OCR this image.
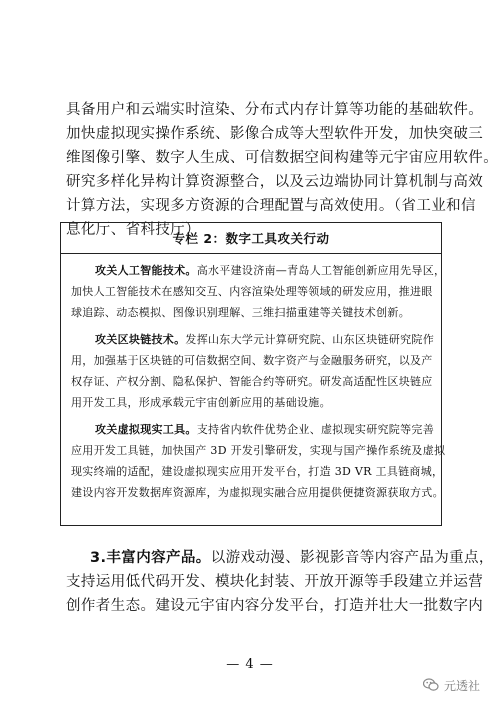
具备用户和云端实时渲染、分布式内存计算等功能的基础软件。
加快虚拟现实操作系统、影像合成等大型软件开发，加快突破三
维图像引擎、数字人生成、可信数据空间构建等元宇宙应用软件。
研究多样化异构计算资源整合，以及云边端协同计算机制与高效
计算方法，实现多方资源的合理配置与高效使用。（省工业和信
息化厅、省科技厅）
专栏 2：数字工具攻关行动
攻关人工智能技术。高水平建设济南—青岛人工智能创新应用先导区，
加快人工智能技术在感知交互、内容渲染处理等领域的研发应用，推进眼
球追踪、动态模拟、图像识别理解、三维扫描重建等关键技术创新。
攻关区块链技术。发挥山东大学元计算研究院、山东区块链研究院作
用，加强基于区块链的可信数据空间、数字资产与金融服务研究，以及产
权存证、产权分割、隐私保护、智能合约等研究。研发高适配性区块链应
用开发工具，形成承载元宇宙创新应用的基础设施。
攻关虚拟现实工具。支持省内软件优势企业、虚拟现实研究院等完善
应用开发工具链，加快国产 3D 开发引擎研发，实现与国产操作系统及虚拟
现实终端的适配，建设虚拟现实应用开发平台，打造 3D VR 工具链商城，
建设内容开发数据库资源库，为虚拟现实融合应用提供便捷资源获取方式。
3.丰富内容产品。以游戏动漫、影视影音等内容产品为重点，
支持运用低代码开发、模块化封装、开放开源等手段建立并运营
创作者生态。建设元宇宙内容分发平台，打造并壮大一批数字内
— 4 —
元透社
